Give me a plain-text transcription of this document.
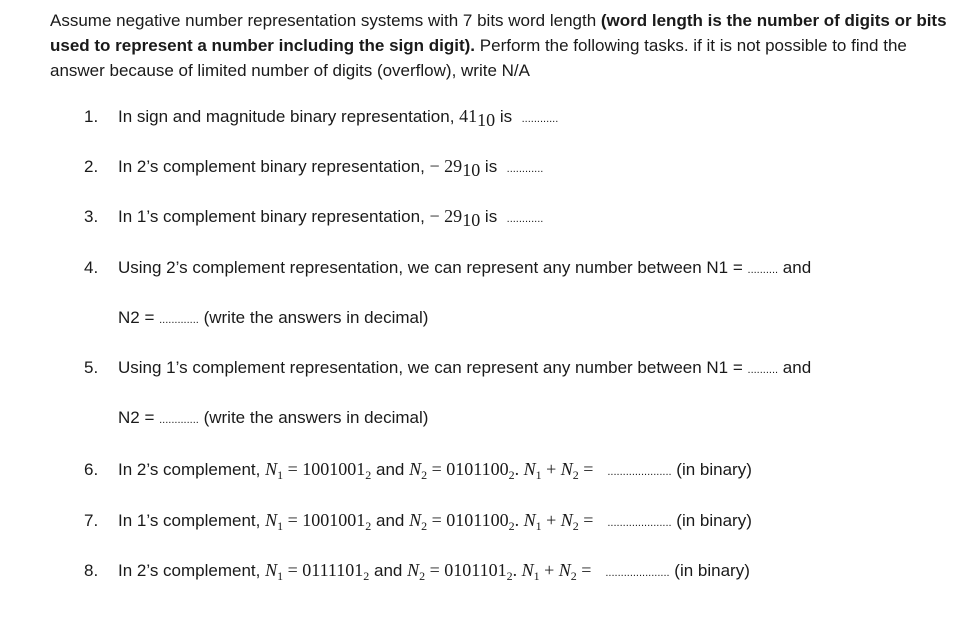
Assume negative number representation systems with 7 bits word length (word length is the number of digits or bits used to represent a number including the sign digit). Perform the following tasks. if it is not possible to find the answer because of limited number of digits (overflow), write N/A
1. In sign and magnitude binary representation, $41_{10}$ is ............
2. In 2’s complement binary representation, − $29_{10}$ is ............
3. In 1’s complement binary representation, − $29_{10}$ is ............
4. Using 2’s complement representation, we can represent any number between N1 = .......... and
N2 = ............. (write the answers in decimal)
5. Using 1’s complement representation, we can represent any number between N1 = .......... and
N2 = ............. (write the answers in decimal)
6. In 2’s complement, $N_1 = 1001001_2$ and $N_2 = 0101100_2$. $N_1 + N_2$ =   ..................... (in binary)
7. In 1’s complement, $N_1 = 1001001_2$ and $N_2 = 0101100_2$. $N_1 + N_2$ =   ..................... (in binary)
8. In 2’s complement, $N_1 = 0111101_2$ and $N_2 = 0101101_2$. $N_1 + N_2$ =   ..................... (in binary)
